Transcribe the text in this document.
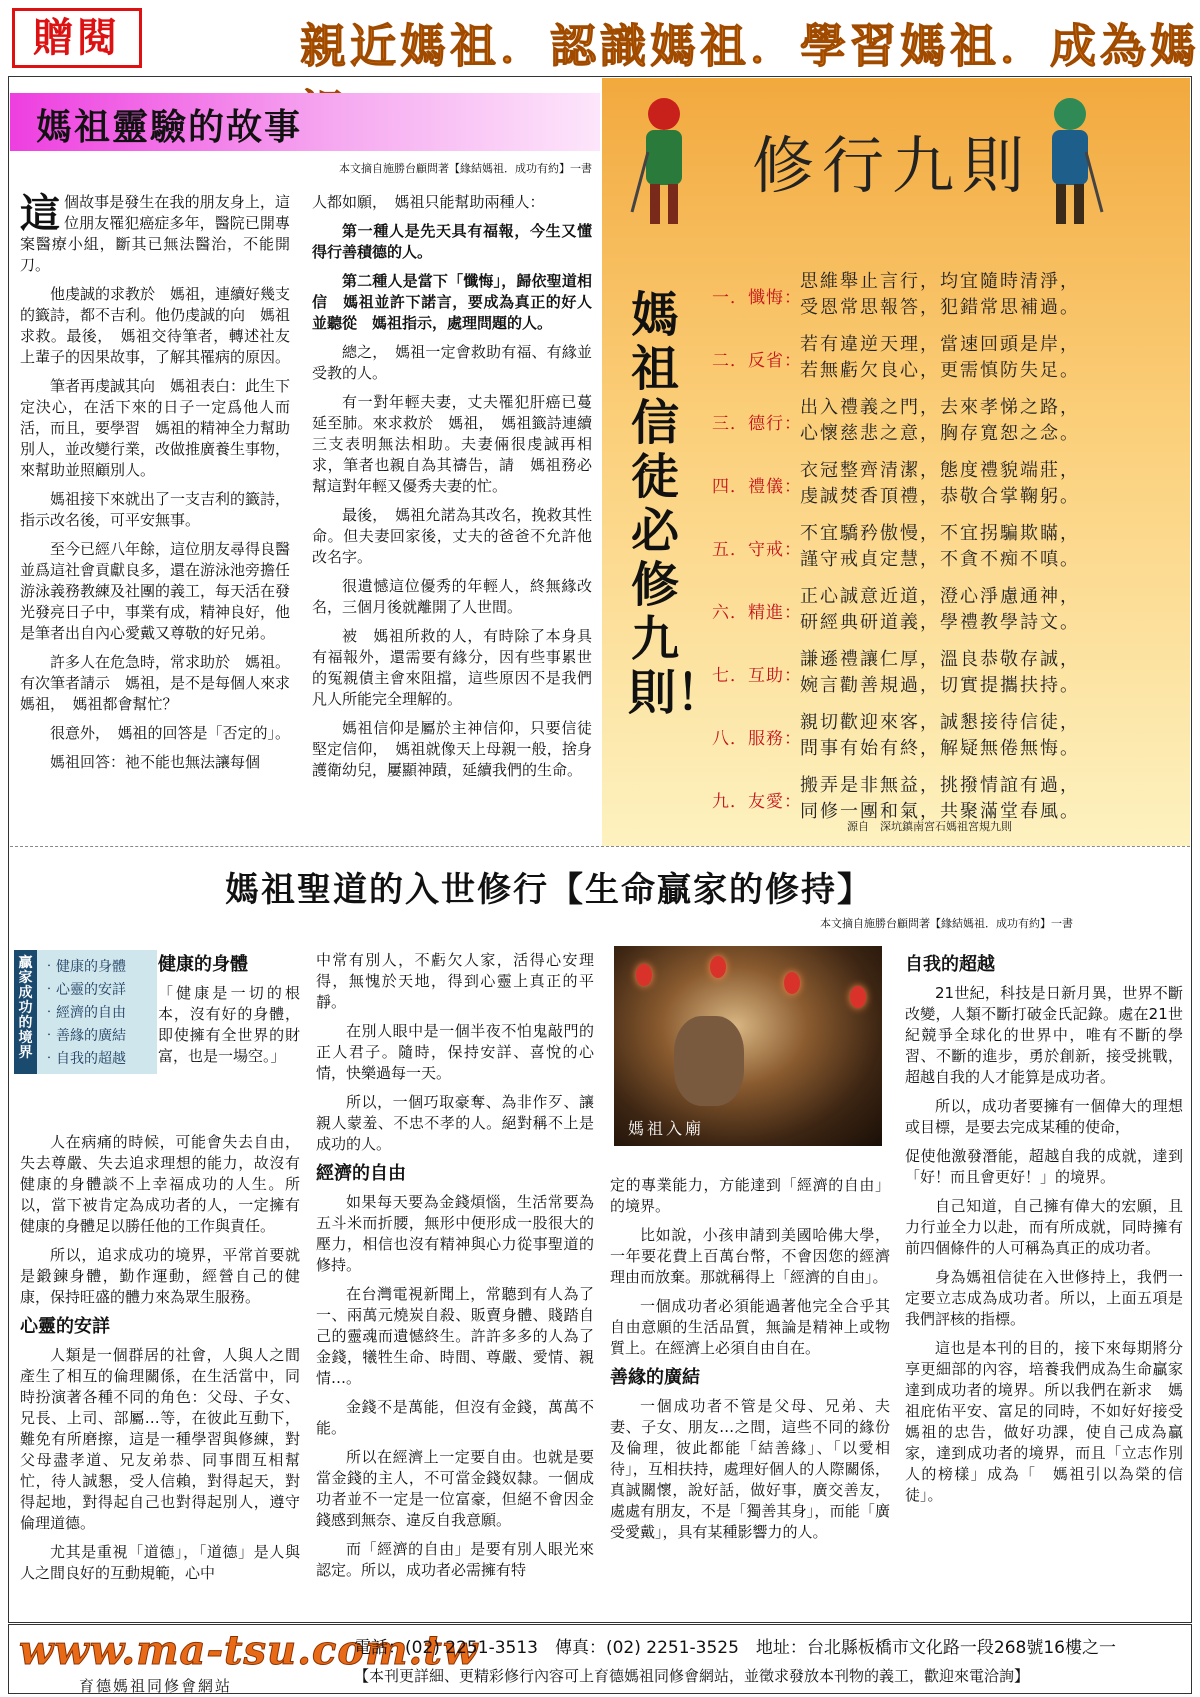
贈閱	親近媽祖．認識媽祖．學習媽祖．成為媽
媽祖靈驗的故事
本文摘自施勝台顧問著【緣結媽祖．成功有約】一書

這個故事是發生在我的朋友身上，這位朋友罹犯癌症多年，醫院已開專案醫療小組，斷其已無法醫治，不能開刀。

他虔誠的求教於　媽祖，連續好幾支的籤詩，都不吉利。他仍虔誠的向　媽祖求救。最後，　媽祖交待筆者，轉述社友上輩子的因果故事，了解其罹病的原因。

筆者再虔誠其向　媽祖表白：此生下定決心，在活下來的日子一定爲他人而活，而且，要學習　媽祖的精神全力幫助別人，並改變行業，改做推廣養生事物，來幫助並照顧別人。

媽祖接下來就出了一支吉利的籤詩，指示改名後，可平安無事。

至今已經八年餘，這位朋友尋得良醫並爲這社會貢獻良多，還在游泳池旁擔任游泳義務教練及社團的義工，每天活在發光發亮日子中，事業有成，精神良好，他是筆者出自內心愛戴又尊敬的好兄弟。

許多人在危急時，常求助於　媽祖。有次筆者請示　媽祖，是不是每個人來求　媽祖，　媽祖都會幫忙？

很意外，　媽祖的回答是「否定的」。

媽祖回答：祂不能也無法讓每個

人都如願，　媽祖只能幫助兩種人：

第一種人是先天具有福報，今生又懂得行善積德的人。

第二種人是當下「懺悔」，歸依聖道相信　媽祖並許下諾言，要成為真正的好人並聽從　媽祖指示，處理問題的人。

總之，　媽祖一定會救助有福、有緣並受教的人。

有一對年輕夫妻，丈夫罹犯肝癌已蔓延至肺。來求救於　媽祖，　媽祖籤詩連續三支表明無法相助。夫妻倆很虔誠再相求，筆者也親自為其禱告，請　媽祖務必幫這對年輕又優秀夫妻的忙。

最後，　媽祖允諾為其改名，挽救其性命。但夫妻回家後，丈夫的爸爸不允許他改名字。

很遺憾這位優秀的年輕人，終無緣改名，三個月後就離開了人世間。

被　媽祖所救的人，有時除了本身具有福報外，還需要有緣分，因有些事累世的冤親債主會來阻擋，這些原因不是我們凡人所能完全理解的。

媽祖信仰是屬於主神信仰，只要信徒堅定信仰，　媽祖就像天上母親一般，捨身護衛幼兒，屢顯神蹟，延續我們的生命。

修行九則
媽祖信徒必修九則！
一．懺悔：
思維舉止言行，均宜隨時清淨，
受恩常思報答，犯錯常思補過。
二．反省：
若有違逆天理，當速回頭是岸，
若無虧欠良心，更需慎防失足。
三．德行：
出入禮義之門，去來孝悌之路，
心懷慈悲之意，胸存寬恕之念。
四．禮儀：
衣冠整齊清潔，態度禮貌端莊，
虔誠焚香頂禮，恭敬合掌鞠躬。
五．守戒：
不宜驕矜傲慢，不宜拐騙欺瞞，
謹守戒貞定慧，不貪不痴不嗔。
六．精進：
正心誠意近道，澄心淨慮通神，
研經典研道義，學禮教學詩文。
七．互助：
謙遜禮讓仁厚，溫良恭敬存誠，
婉言勸善規過，切實提攜扶持。
八．服務：
親切歡迎來客，誠懇接待信徒，
問事有始有終，解疑無倦無悔。
九．友愛：
搬弄是非無益，挑撥情誼有過，
同修一團和氣，共聚滿堂春風。
源自　深坑鎮南宮石媽祖宮規九則
媽祖聖道的入世修行【生命贏家的修持】
本文摘自施勝台顧問著【緣結媽祖．成功有約】一書
贏家成功的境界
‧健康的身體
‧心靈的安詳
‧經濟的自由
‧善緣的廣結
‧自我的超越
健康的身體
「健康是一切的根本，沒有好的身體，即使擁有全世界的財富，也是一場空。」

人在病痛的時候，可能會失去自由，失去尊嚴、失去追求理想的能力，故沒有健康的身體談不上幸福成功的人生。所以，當下被肯定為成功者的人，一定擁有健康的身體足以勝任他的工作與責任。

所以，追求成功的境界，平常首要就是鍛鍊身體，勤作運動，經營自己的健康，保持旺盛的體力來為眾生服務。

心靈的安詳

人類是一個群居的社會，人與人之間產生了相互的倫理關係，在生活當中，同時扮演著各種不同的角色：父母、子女、兄長、上司、部屬…等，在彼此互動下，難免有所磨擦，這是一種學習與修練，對父母盡孝道、兄友弟恭、同事間互相幫忙，待人誠懇，受人信賴，對得起天，對得起地，對得起自己也對得起別人，遵守倫理道德。

尤其是重視「道德」，「道德」是人與人之間良好的互動規範，心中

中常有別人，不虧欠人家，活得心安理得，無愧於天地，得到心靈上真正的平靜。

在別人眼中是一個半夜不怕鬼敲門的正人君子。隨時，保持安詳、喜悅的心情，快樂過每一天。

所以，一個巧取豪奪、為非作歹、讓親人蒙羞、不忠不孝的人。絕對稱不上是成功的人。

經濟的自由

如果每天要為金錢煩惱，生活常要為五斗米而折腰，無形中便形成一股很大的壓力，相信也沒有精神與心力從事聖道的修持。

在台灣電視新聞上，常聽到有人為了一、兩萬元燒炭自殺、販賣身體、賤踏自己的靈魂而遺憾終生。許許多多的人為了金錢，犧牲生命、時間、尊嚴、愛情、親情…。

金錢不是萬能，但沒有金錢，萬萬不能。

所以在經濟上一定要自由。也就是要當金錢的主人，不可當金錢奴隸。一個成功者並不一定是一位富豪，但絕不會因金錢感到無奈、違反自我意願。

而「經濟的自由」是要有別人眼光來認定。所以，成功者必需擁有特

媽祖入廟

定的專業能力，方能達到「經濟的自由」的境界。

比如說，小孩申請到美國哈佛大學，一年要花費上百萬台幣，不會因您的經濟理由而放棄。那就稱得上「經濟的自由」。

一個成功者必須能過著他完全合乎其自由意願的生活品質，無論是精神上或物質上。在經濟上必須自由自在。

善緣的廣結

一個成功者不管是父母、兄弟、夫妻、子女、朋友…之間，這些不同的緣份及倫理，彼此都能「結善緣」、「以愛相待」，互相扶持，處理好個人的人際關係，真誠關懷，說好話，做好事，廣交善友，處處有朋友，不是「獨善其身」，而能「廣受愛戴」，具有某種影響力的人。

自我的超越

21世紀，科技是日新月異，世界不斷改變，人類不斷打破金氏記錄。處在21世紀競爭全球化的世界中，唯有不斷的學習、不斷的進步，勇於創新，接受挑戰，超越自我的人才能算是成功者。

所以，成功者要擁有一個偉大的理想或目標，是要去完成某種的使命，

促使他激發潛能，超越自我的成就，達到「好！而且會更好！」的境界。

自己知道，自己擁有偉大的宏願，且力行並全力以赴，而有所成就，同時擁有前四個條件的人可稱為真正的成功者。

身為媽祖信徒在入世修持上，我們一定要立志成為成功者。所以，上面五項是我們評核的指標。

這也是本刊的目的，接下來每期將分享更細部的內容，培養我們成為生命贏家達到成功者的境界。所以我們在新求　媽祖庇佑平安、富足的同時，不如好好接受　媽祖的忠告，做好功課，使自己成為贏家，達到成功者的境界，而且「立志作別人的榜樣」成為「　媽祖引以為榮的信徒」。

www.ma-tsu.com.tw
育德媽祖同修會網站
電話：(02) 2251-3513　傳真：(02) 2251-3525　地址：台北縣板橋市文化路一段268號16樓之一
【本刊更詳細、更精彩修行內容可上育德媽祖同修會網站，並徵求發放本刊物的義工，歡迎來電洽詢】
